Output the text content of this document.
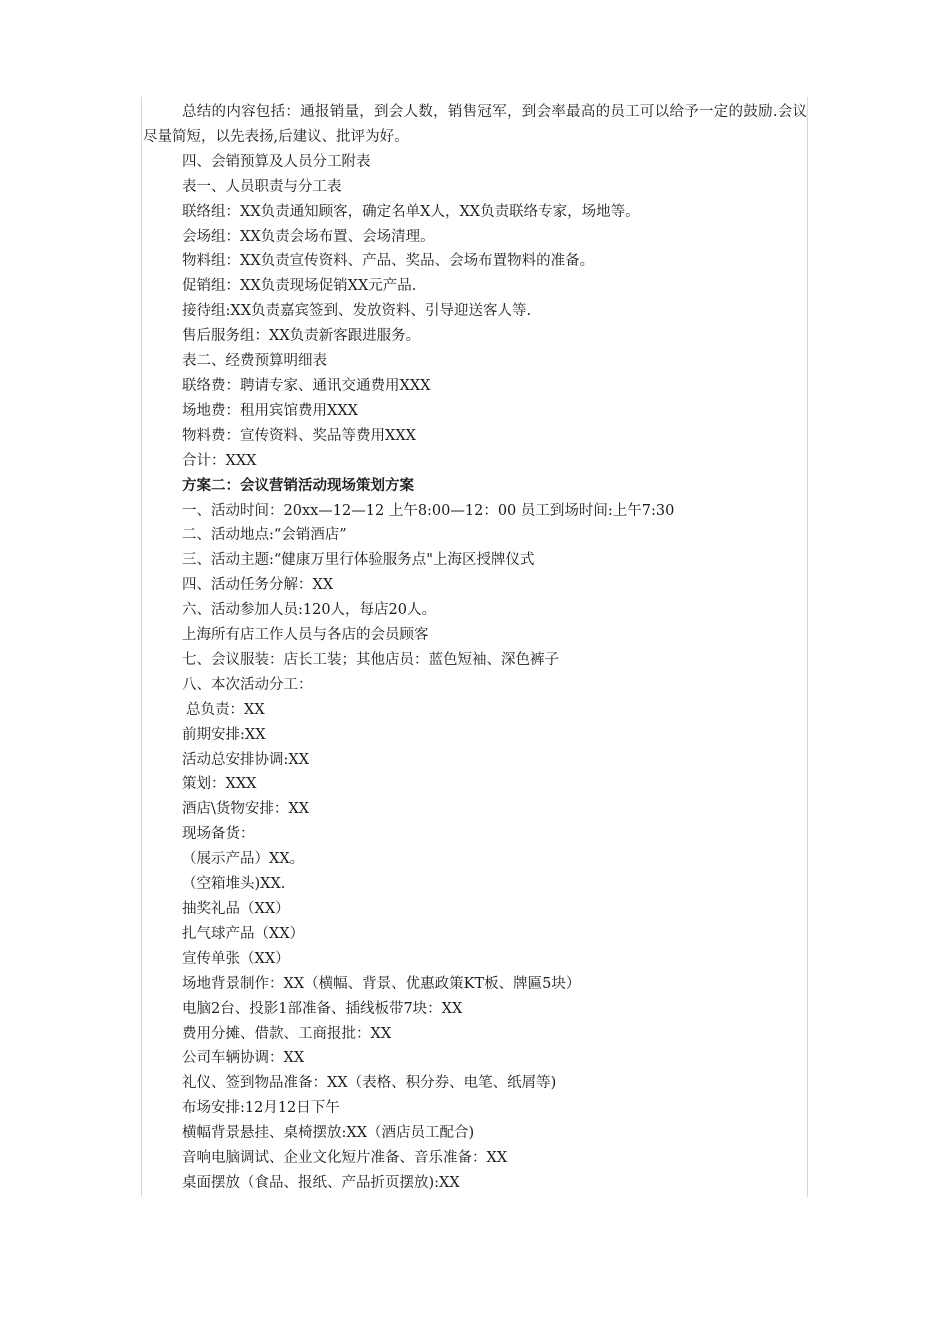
总结的内容包括：通报销量，到会人数，销售冠军，到会率最高的员工可以给予一定的鼓励.会议尽量简短，以先表扬,后建议、批评为好。

四、会销预算及人员分工附表

表一、人员职责与分工表

联络组：XX负责通知顾客，确定名单X人，XX负责联络专家，场地等。

会场组：XX负责会场布置、会场清理。

物料组：XX负责宣传资料、产品、奖品、会场布置物料的准备。

促销组：XX负责现场促销XX元产品.

接待组:XX负责嘉宾签到、发放资料、引导迎送客人等.

售后服务组：XX负责新客跟进服务。

表二、经费预算明细表

联络费：聘请专家、通讯交通费用XXX

场地费：租用宾馆费用XXX

物料费：宣传资料、奖品等费用XXX

合计：XXX

方案二：会议营销活动现场策划方案

一、活动时间：20xx—12—12 上午8:00—12：00 员工到场时间:上午7:30

二、活动地点:“会销酒店”

三、活动主题:“健康万里行体验服务点"上海区授牌仪式

四、活动任务分解：XX

六、活动参加人员:120人，每店20人。

上海所有店工作人员与各店的会员顾客

七、会议服装：店长工装；其他店员：蓝色短袖、深色裤子

八、本次活动分工：

总负责：XX

前期安排:XX

活动总安排协调:XX

策划：XXX

酒店\货物安排：XX

现场备货：

（展示产品）XX。

（空箱堆头)XX.

抽奖礼品（XX）

扎气球产品（XX）

宣传单张（XX）

场地背景制作：XX（横幅、背景、优惠政策KT板、牌匾5块）

电脑2台、投影1部准备、插线板带7块：XX

费用分摊、借款、工商报批：XX

公司车辆协调：XX

礼仪、签到物品准备：XX（表格、积分券、电笔、纸屑等)

布场安排:12月12日下午

横幅背景悬挂、桌椅摆放:XX（酒店员工配合)

音响电脑调试、企业文化短片准备、音乐准备：XX

桌面摆放（食品、报纸、产品折页摆放):XX
